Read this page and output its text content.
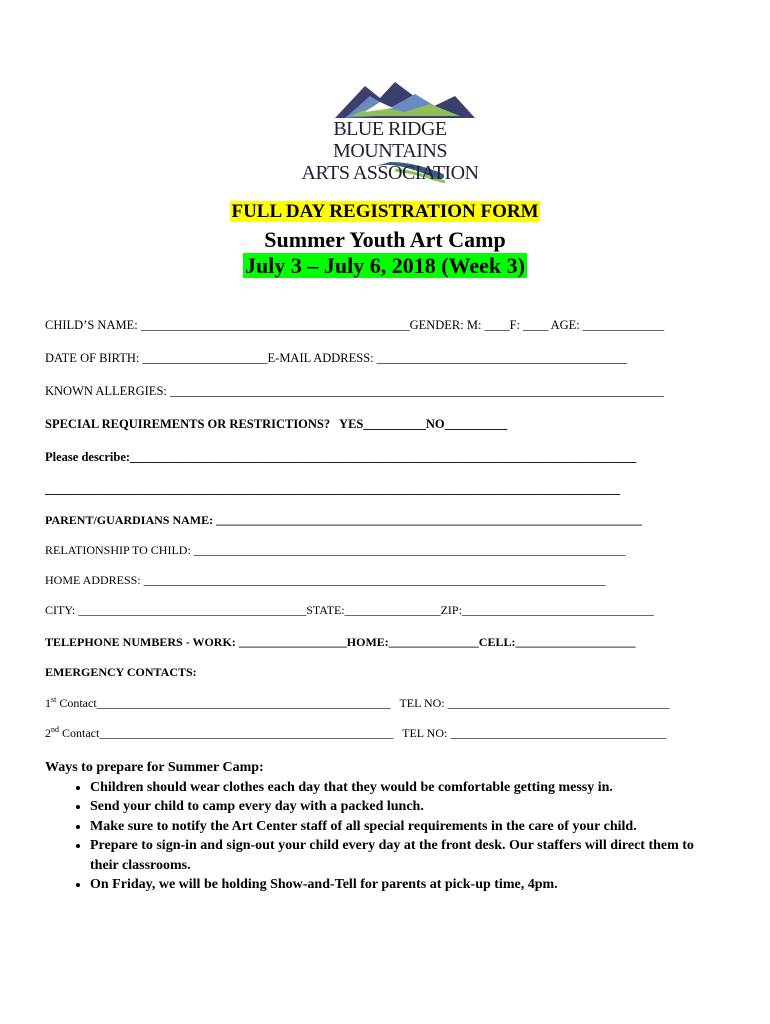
BLUE RIDGE MOUNTAINS
ARTS ASSOCIATION
FULL DAY REGISTRATION FORM
Summer Youth Art Camp
July 3 – July 6, 2018 (Week 3)
CHILD’S NAME: ___________________________________________GENDER: M: ____F: ____ AGE: _____________
DATE OF BIRTH: ____________________E-MAIL ADDRESS: ________________________________________
KNOWN ALLERGIES: _______________________________________________________________________________
SPECIAL REQUIREMENTS OR RESTRICTIONS?   YES__________NO__________
Please describe:_________________________________________________________________________________
____________________________________________________________________________________________
PARENT/GUARDIANS NAME: _______________________________________________________________________
RELATIONSHIP TO CHILD: ________________________________________________________________________
HOME ADDRESS: _____________________________________________________________________________
CITY: ______________________________________STATE:________________ZIP:________________________________
TELEPHONE NUMBERS - WORK: __________________HOME:_______________CELL:____________________
EMERGENCY CONTACTS:
1st Contact_________________________________________________   TEL NO: _____________________________________
2nd Contact_________________________________________________   TEL NO: ____________________________________
Ways to prepare for Summer Camp:
• Children should wear clothes each day that they would be comfortable getting messy in.
• Send your child to camp every day with a packed lunch.
• Make sure to notify the Art Center staff of all special requirements in the care of your child.
• Prepare to sign-in and sign-out your child every day at the front desk. Our staffers will direct them to their classrooms.
• On Friday, we will be holding Show-and-Tell for parents at pick-up time, 4pm.
